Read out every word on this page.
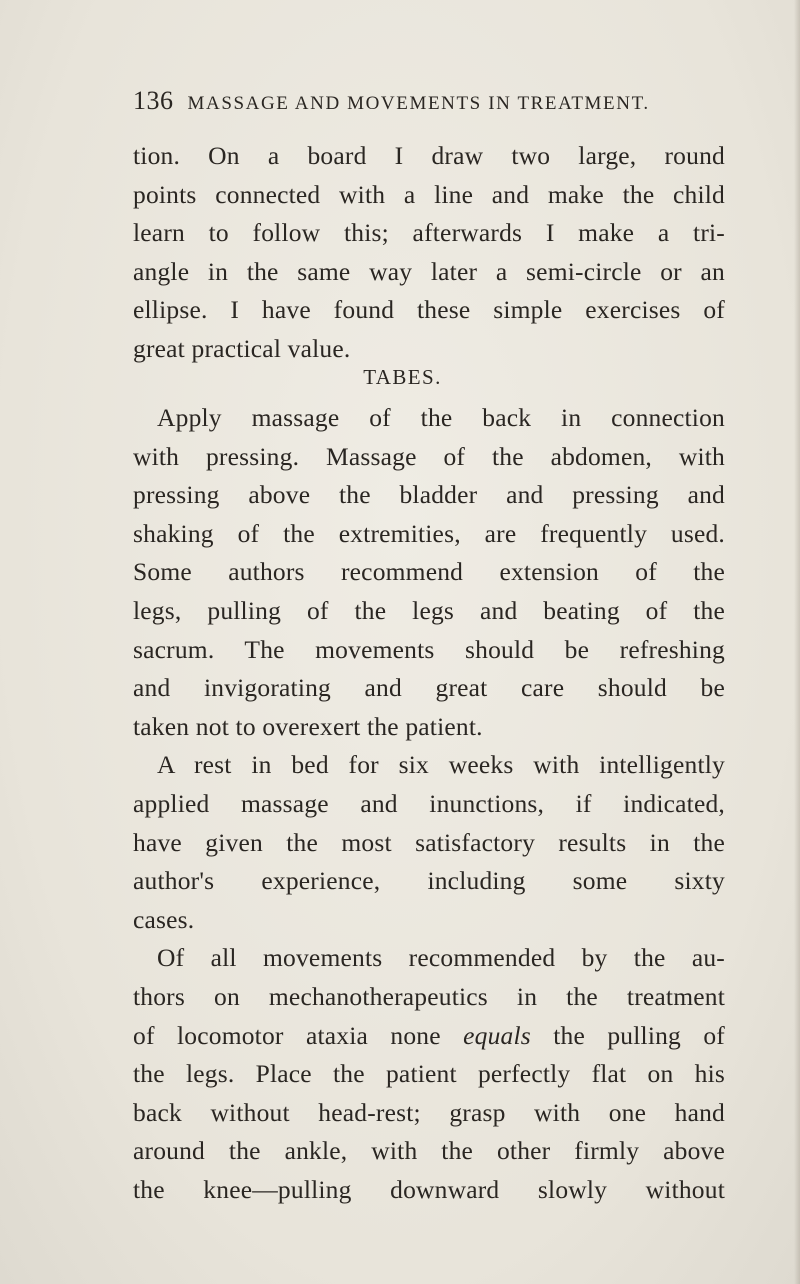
136 MASSAGE AND MOVEMENTS IN TREATMENT.
tion. On a board I draw two large, round
points connected with a line and make the child
learn to follow this; afterwards I make a tri-
angle in the same way later a semi-circle or an
ellipse. I have found these simple exercises of
great practical value.
TABES.
Apply massage of the back in connection
with pressing. Massage of the abdomen, with
pressing above the bladder and pressing and
shaking of the extremities, are frequently used.
Some authors recommend extension of the
legs, pulling of the legs and beating of the
sacrum. The movements should be refreshing
and invigorating and great care should be
taken not to overexert the patient.
A rest in bed for six weeks with intelligently
applied massage and inunctions, if indicated,
have given the most satisfactory results in the
author's experience, including some sixty
cases.
Of all movements recommended by the au-
thors on mechanotherapeutics in the treatment
of locomotor ataxia none equals the pulling of
the legs. Place the patient perfectly flat on his
back without head-rest; grasp with one hand
around the ankle, with the other firmly above
the knee—pulling downward slowly without
